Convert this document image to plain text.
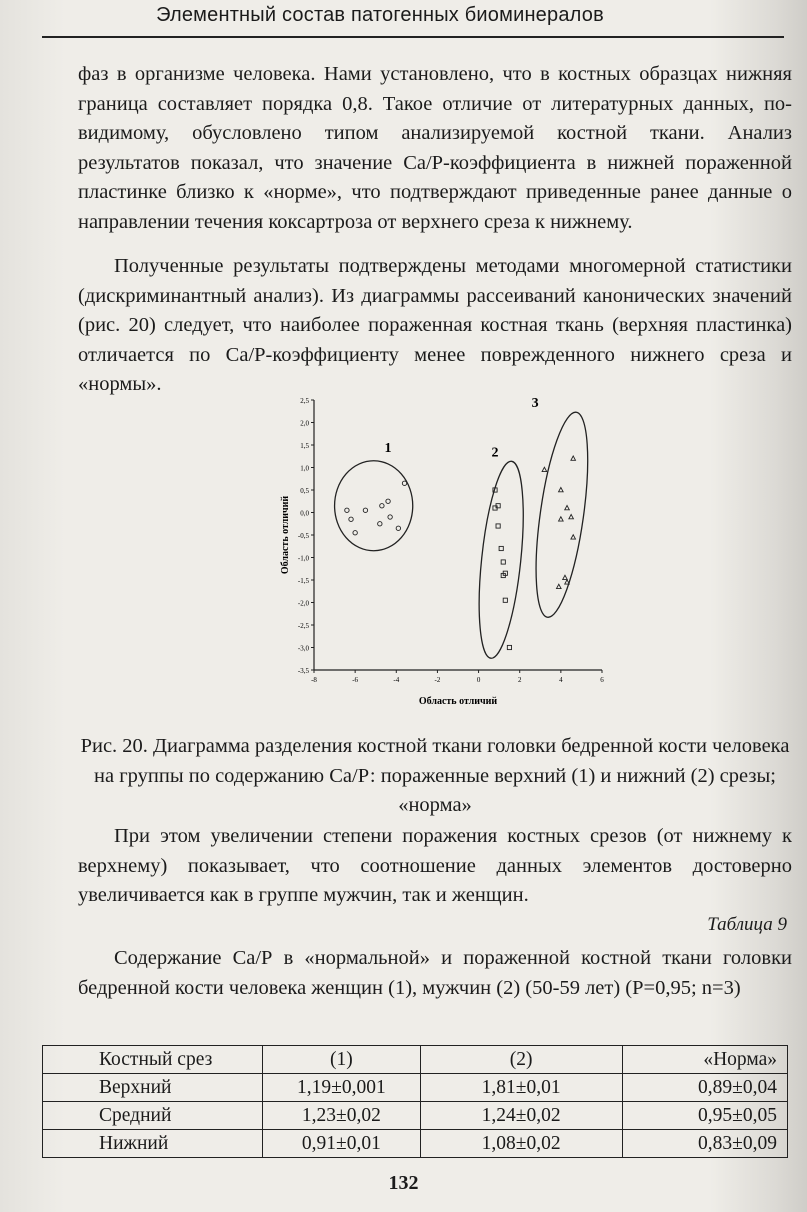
Элементный состав патогенных биоминералов
фаз в организме человека. Нами установлено, что в костных образцах нижняя граница составляет порядка 0,8. Такое отличие от литературных данных, по-видимому, обусловлено типом анализируемой костной ткани. Анализ результатов показал, что значение Са/Р-коэффициента в нижней пораженной пластинке близко к «норме», что подтверждают приведенные ранее данные о направлении течения коксартроза от верхнего среза к нижнему.
Полученные результаты подтверждены методами многомерной статистики (дискриминантный анализ). Из диаграммы рассеиваний канонических значений (рис. 20) следует, что наиболее пораженная костная ткань (верхняя пластинка) отличается по Са/Р-коэффициенту менее поврежденного нижнего среза и «нормы».
2,5
2,0
1,5
1,0
0,5
0,0
-0,5
-1,0
-1,5
-2,0
-2,5
-3,0
-3,5
-8	-6	-4	-2	0	2	4	6
1	2
3
Область отличий
Область отличий
Рис. 20. Диаграмма разделения костной ткани головки бедренной кости человека на группы по содержанию Са/Р: пораженные верхний (1) и нижний (2) срезы; «норма»
При этом увеличении степени поражения костных срезов (от нижнему к верхнему) показывает, что соотношение данных элементов достоверно увеличивается как в группе мужчин, так и женщин.
Таблица 9
Содержание Са/Р в «нормальной» и пораженной костной ткани головки бедренной кости человека женщин (1), мужчин (2) (50-59 лет) (P=0,95; n=3)
Костный срез	(1)	(2)	«Норма»
Верхний	1,19±0,001	1,81±0,01	0,89±0,04
Средний	1,23±0,02	1,24±0,02	0,95±0,05
Нижний	0,91±0,01	1,08±0,02	0,83±0,09
132
